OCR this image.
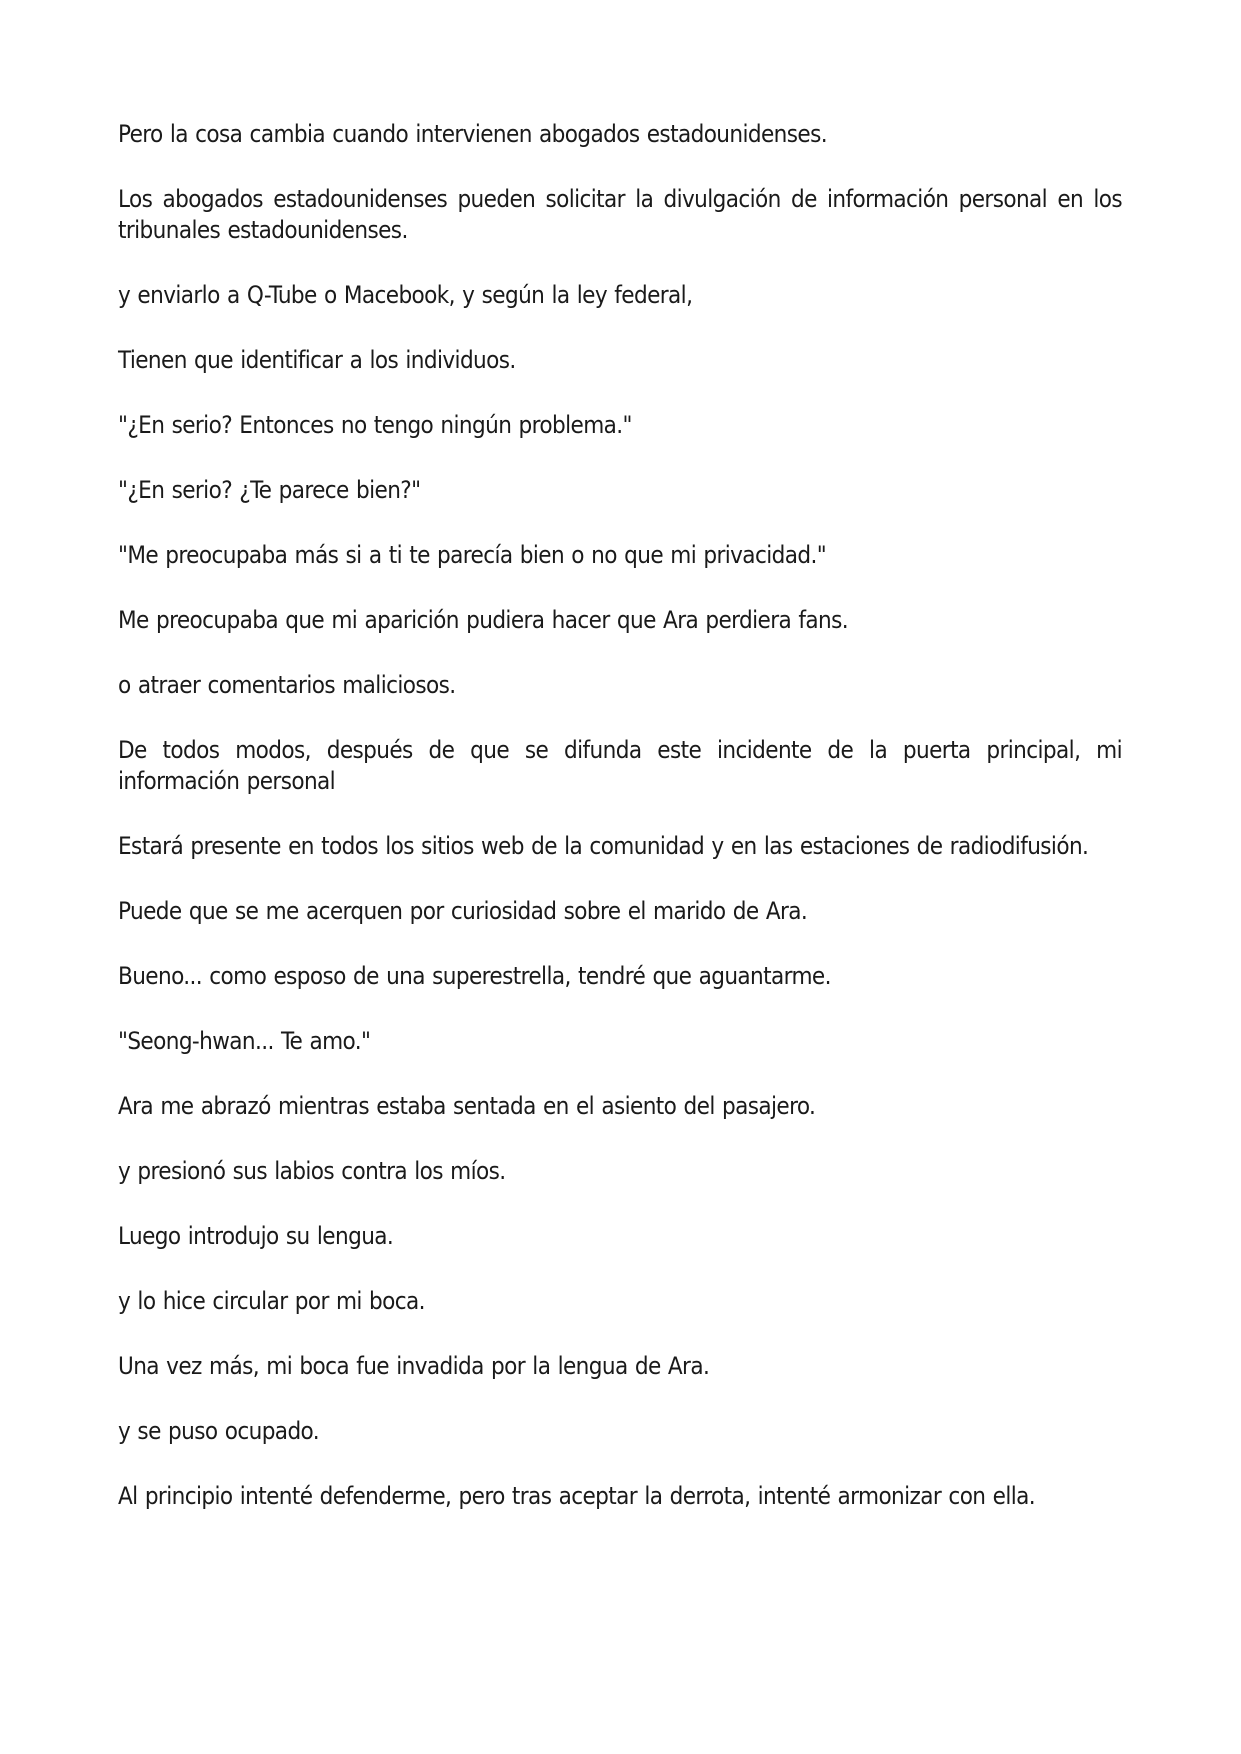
Pero la cosa cambia cuando intervienen abogados estadounidenses.

Los abogados estadounidenses pueden solicitar la divulgación de información personal en los tribunales estadounidenses.

y enviarlo a Q-Tube o Macebook, y según la ley federal,

Tienen que identificar a los individuos.

"¿En serio? Entonces no tengo ningún problema."

"¿En serio? ¿Te parece bien?"

"Me preocupaba más si a ti te parecía bien o no que mi privacidad."

Me preocupaba que mi aparición pudiera hacer que Ara perdiera fans.

o atraer comentarios maliciosos.

De todos modos, después de que se difunda este incidente de la puerta principal, mi información personal

Estará presente en todos los sitios web de la comunidad y en las estaciones de radiodifusión.

Puede que se me acerquen por curiosidad sobre el marido de Ara.

Bueno... como esposo de una superestrella, tendré que aguantarme.

"Seong-hwan... Te amo."

Ara me abrazó mientras estaba sentada en el asiento del pasajero.

y presionó sus labios contra los míos.

Luego introdujo su lengua.

y lo hice circular por mi boca.

Una vez más, mi boca fue invadida por la lengua de Ara.

y se puso ocupado.

Al principio intenté defenderme, pero tras aceptar la derrota, intenté armonizar con ella.
